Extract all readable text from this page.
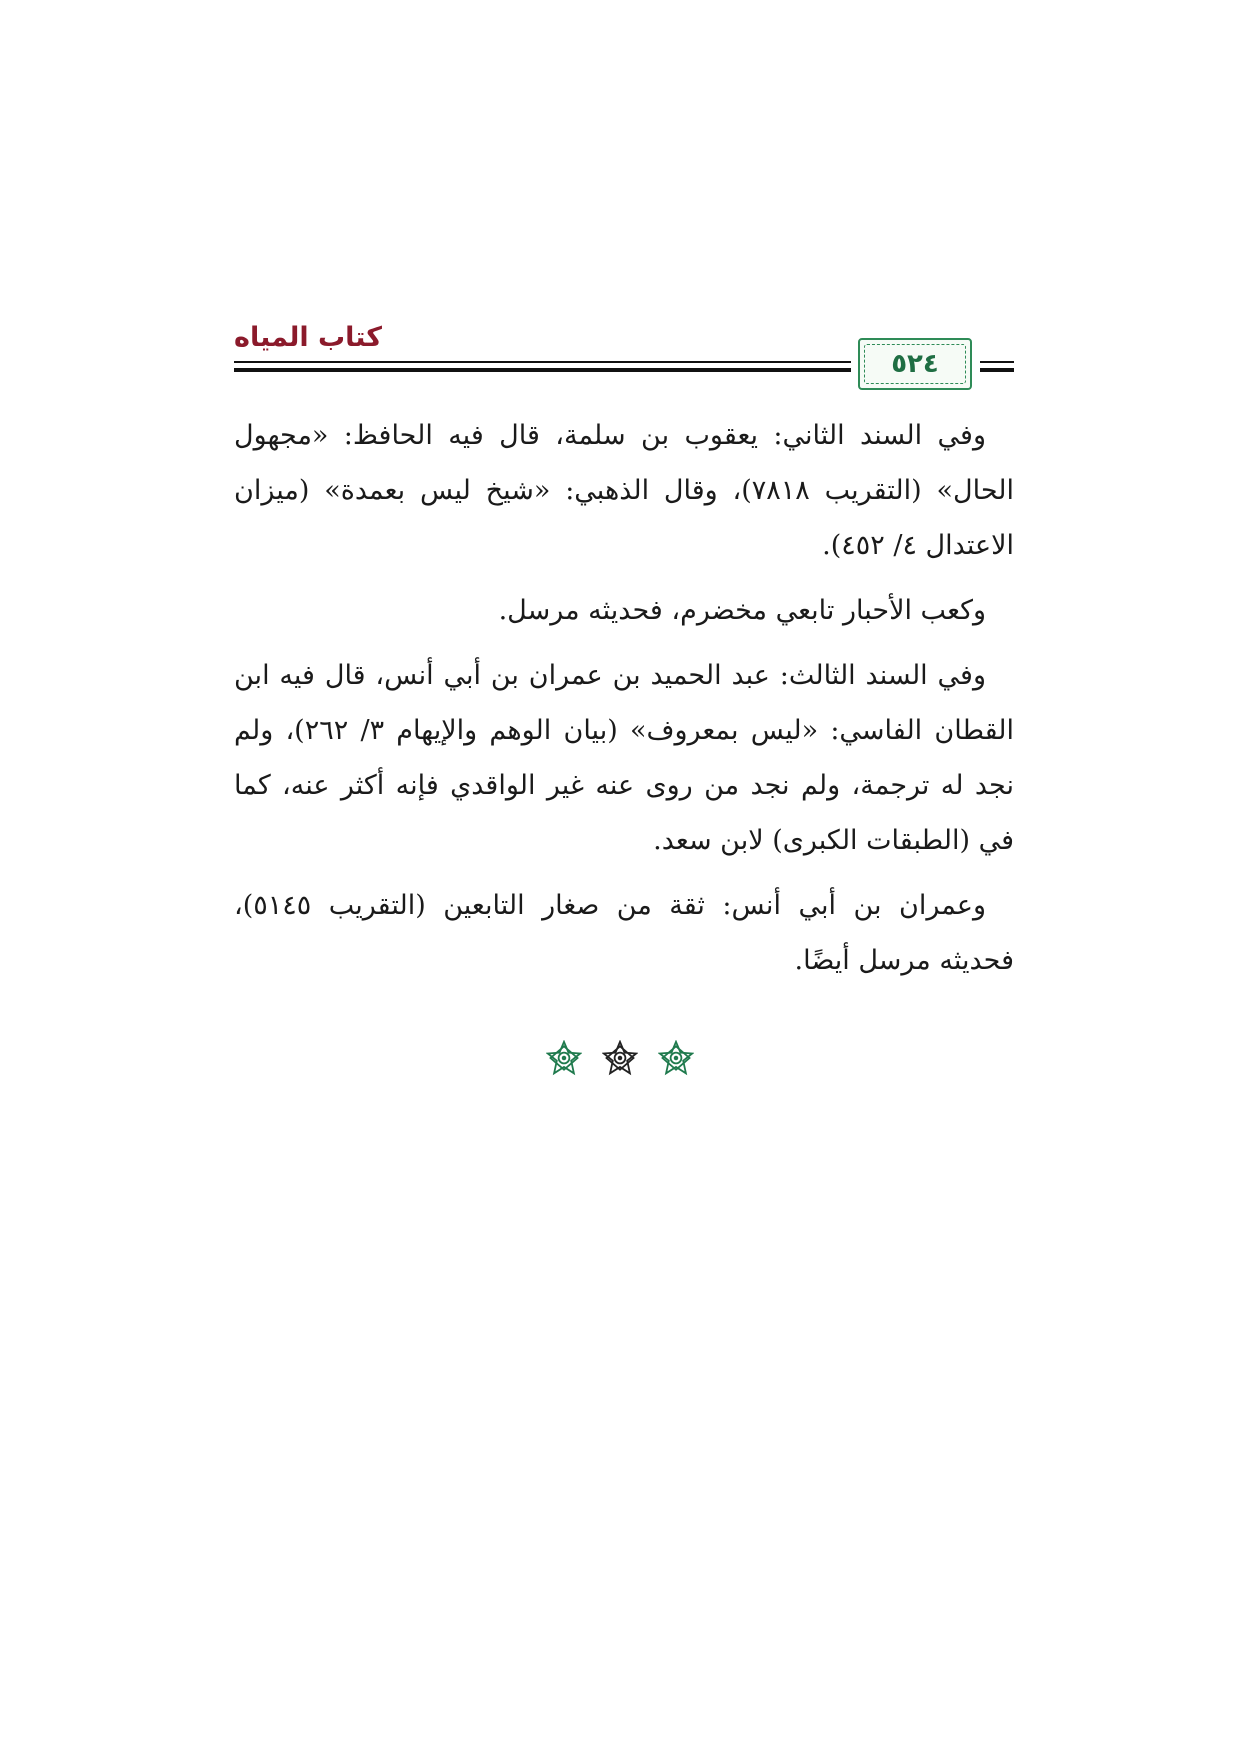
كتاب المياه
٥٢٤

وفي السند الثاني: يعقوب بن سلمة، قال فيه الحافظ: «مجهول الحال» (التقريب ٧٨١٨)، وقال الذهبي: «شيخ ليس بعمدة» (ميزان الاعتدال ٤/ ٤٥٢).

وكعب الأحبار تابعي مخضرم، فحديثه مرسل.

وفي السند الثالث: عبد الحميد بن عمران بن أبي أنس، قال فيه ابن القطان الفاسي: «ليس بمعروف» (بيان الوهم والإيهام ٣/ ٢٦٢)، ولم نجد له ترجمة، ولم نجد من روى عنه غير الواقدي فإنه أكثر عنه، كما في (الطبقات الكبرى) لابن سعد.

وعمران بن أبي أنس: ثقة من صغار التابعين (التقريب ٥١٤٥)، فحديثه مرسل أيضًا.
